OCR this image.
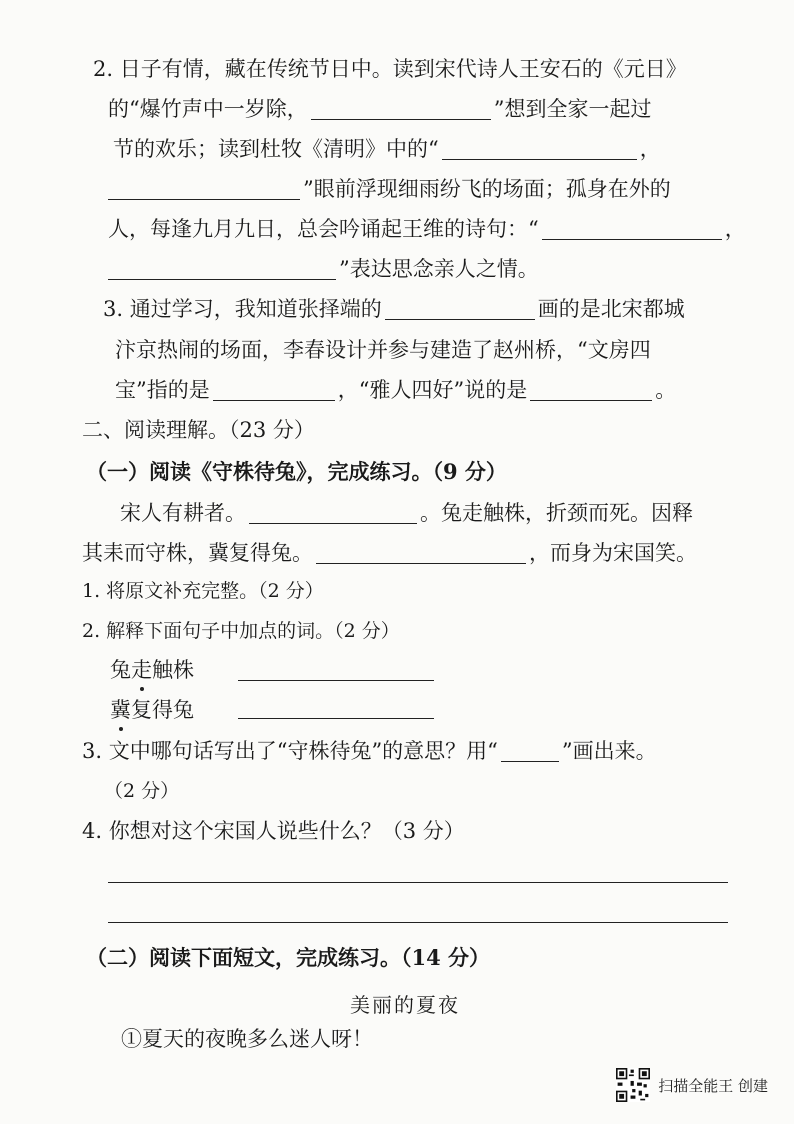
2. 日子有情，藏在传统节日中。读到宋代诗人王安石的《元日》
的“爆竹声中一岁除，	”想到全家一起过
节的欢乐；读到杜牧《清明》中的“	，
”眼前浮现细雨纷飞的场面；孤身在外的
人，每逢九月九日，总会吟诵起王维的诗句：“	，
”表达思念亲人之情。
3. 通过学习，我知道张择端的	画的是北宋都城
汴京热闹的场面，李春设计并参与建造了赵州桥，“文房四
宝”指的是	，“雅人四好”说的是	。
二、阅读理解。（23 分）
（一）阅读《守株待兔》，完成练习。（9 分）
宋人有耕者。	。兔走触株，折颈而死。因释
其耒而守株，冀复得兔。	，而身为宋国笑。
1. 将原文补充完整。（2 分）
2. 解释下面句子中加点的词。（2 分）
兔走触株
冀复得兔
3. 文中哪句话写出了“守株待兔”的意思？用“	”画出来。
（2 分）
4. 你想对这个宋国人说些什么？（3 分）
（二）阅读下面短文，完成练习。（14 分）
美丽的夏夜
①夏天的夜晚多么迷人呀！
扫描全能王 创建
